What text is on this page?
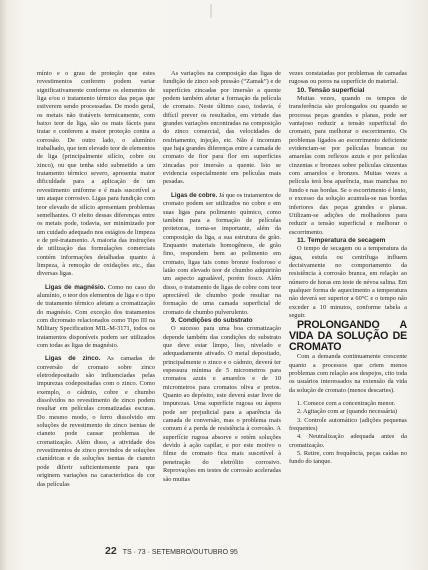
mínio e o grau de proteção que estes revestimentos conferem podem variar significativamente conforme os elementos de liga e/ou o tratamento térmico das peças que estiverem sendo processadas. De modo geral, os metais não tratáveis termicamente, com baixo teor de liga, são os mais fáceis para tratar e conferem a maior proteção contra a corrosão. De outro lado, o alumínio trabalhado, que tem elevado teor de elementos de liga (principalmente silício, cobre ou zinco), ou que tenha sido submetido a um tratamento térmico severo, apresenta maior dificuldade para a aplicação de um revestimento uniforme e é mais suscetível a um ataque corrosivo. Ligas para fundição com teor elevado de silício apresentam problemas semelhantes. O efeito dessas diferenças entre os metais pode, todavia, ser minimizado por um cuidado adequado nos estágios de limpeza e de pré-tratamento. A maioria das instruções de utilização das formulações comerciais contém informações detalhadas quanto à limpeza, à remoção de oxidações etc., das diversas ligas.

Ligas de magnésio. Como no caso do alumínio, o teor dos elementos de liga e o tipo de tratamento térmico afetam a cromatização do magnésio. Com exceção dos tratamentos com dicromato relacionados como Tipo III na Military Specification MIL-M-3171, todos os tratamentos disponíveis podem ser utilizados com todas as ligas de magnésio.

Ligas de zinco. As camadas de conversão de cromato sobre zinco eletrodepositado são influenciadas pelas impurezas codepositadas com o zinco. Como exemplo, o cádmio, cobre e chumbo dissolvidos no revestimento de zinco podem resultar em películas cromatizadas escuras. Do mesmo modo, o ferro dissolvido em soluções de revestimento de zinco isentas de cianeto pode causar problemas de cromatização. Além disso, a atividade dos revestimentos de zinco provindos de soluções cianídricas e de soluções isentas de cianeto pode diferir suficientemente para que originem variações na característica de cor das películas

As variações na composição das ligas de fundição de zinco sob pressão (“Zamak”) e de superfícies zincadas por imersão a quente podem também afetar a formação da película de cromato. Neste último caso, todavia, é difícil prever os resultados, em virtude das grandes variações encontradas na composição do zinco comercial, das velocidades de resfriamento, injeção, etc. Não é incomum que haja grandes diferenças entre a camada de cromato de fior para flor em superfícies zincadas por imersão a quente. Isto se evidencia especialmente em películas mais pesadas.

Ligas de cobre. Já que os tratamentos de cromato podem ser utilizados no cobre e em suas ligas para polimento químico, como também para a formação de películas protetoras, torna-se importante, além da composição da liga, a sua estrutura de grão. Enquanto materiais homogêneos, de grão fino, respondem bem ao polimento em cromato, ligas tais como bronze fosforoso e latão com elevado teor de chumbo adquirirão um aspecto agradável, porém fosco. Além disso, o tratamento de ligas de cobre com teor apreciável de chumbo pode resultar na formação de uma camada superficial de cromato de chumbo pulverulento.

9. Condições do substrato

O sucesso para uma boa cromatização depende também das condições do substrato que deve estar limpo, liso, nivelado e adequadamente ativado. O metal depositado, principalmente o zinco e o cádmio, deverá ter espessura mínima de 5 micrometros para cromatos azuis e amarelos e de 10 micrometros para cromatos oliva e pretos. Quanto ao depósito, este deverá estar livre de impurezas. Uma superfície rugosa ou áspera pode ser prejudicial para a aparência da camada de conversão, mas o problema mais comum é a perda de resistência à corrosão. A superfície rugosa absorve e retém soluções devido à ação capilar, e por este motivo o filme de cromato fica mais suscetível à penetração do eletrólito corrosivo. Reprovações em testes de corrosão aceleradas são muitas

vezes constatadas por problemas de camadas rugosas ou poros na superfície do material.

10. Tensão superficial

Muitas vezes, quando os tempos de transferência são prolongados ou quando se processa peças grandes e planas, pode ser vantajoso reduzir a tensão superficial do cromato, para melhorar o escorrimento. Os problemas ligados ao escorrimento deficiente evidenciam-se por películas brancas ou amarelas com reflexos azuis e por películas cinzentas e bronzes sobre películas cinzentas com amarelos e bronzes. Muitas vezes a película terá boa aparência, mas manchas no fundo e nas bordas. Se o escorrimento é lento, o excesso da solução acumula-se nas bordas inferiores das peças grandes e planas. Utilizam-se adições de molhadores para reduzir a tensão superficial e melhorar o escorrimento.

11. Temperatura de secagem

O tempo de secagem ou a temperatura da água, estufa ou centrífuga influem decisivamente no comportamento da resistência à corrosão branca, em relação ao número de horas em teste de névoa salina. Em qualquer forma de aquecimento a temperatura não deverá ser superior a 60°C e o tempo não exceder a 10 minutos, conforme tabela a seguir.

PROLONGANDO A VIDA DA SOLUÇÃO DE CROMATO

Com a demanda continuamente crescente quanto a processos que criem menos problemas com relação aos despejos, cito toda os usuários interessados na extensão da vida da solução de cromato (menos descartes).

1. Comece com a concentração menor.

2. Agitação com ar (quando necessária)

3. Controle automático (adições pequenas frequentes)

4. Neutralização adequada antes da cromatização.

5. Retire, com frequência, peças caídas no fundo do tanque.

22 TS · 73 · SETEMBRO/OUTUBRO 95
